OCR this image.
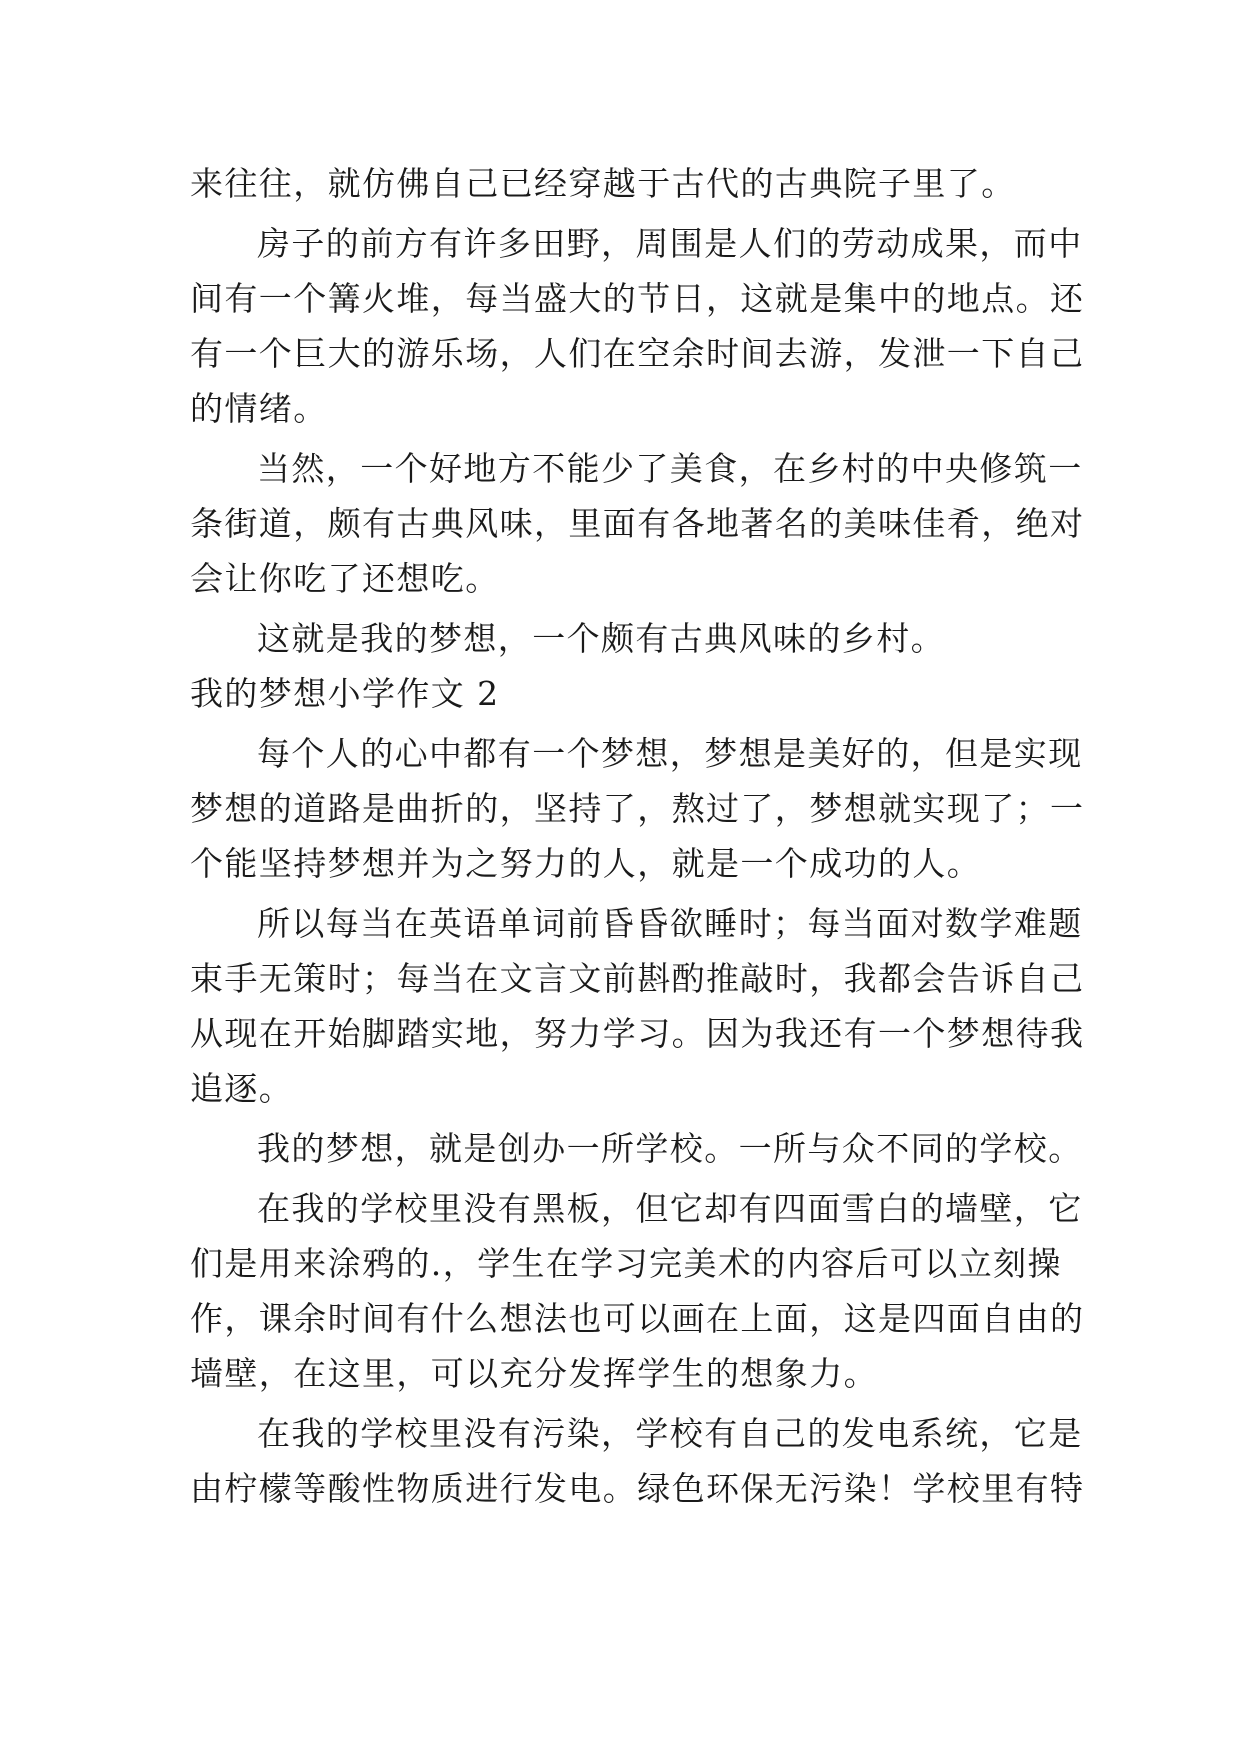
来往往，就仿佛自己已经穿越于古代的古典院子里了。
房子的前方有许多田野，周围是人们的劳动成果，而中
间有一个篝火堆，每当盛大的节日，这就是集中的地点。还
有一个巨大的游乐场，人们在空余时间去游，发泄一下自己
的情绪。
当然，一个好地方不能少了美食，在乡村的中央修筑一
条街道，颇有古典风味，里面有各地著名的美味佳肴，绝对
会让你吃了还想吃。
这就是我的梦想，一个颇有古典风味的乡村。
我的梦想小学作文 2
每个人的心中都有一个梦想，梦想是美好的，但是实现
梦想的道路是曲折的，坚持了，熬过了，梦想就实现了；一
个能坚持梦想并为之努力的人，就是一个成功的人。
所以每当在英语单词前昏昏欲睡时；每当面对数学难题
束手无策时；每当在文言文前斟酌推敲时，我都会告诉自己
从现在开始脚踏实地，努力学习。因为我还有一个梦想待我
追逐。
我的梦想，就是创办一所学校。一所与众不同的学校。
在我的学校里没有黑板，但它却有四面雪白的墙壁，它
们是用来涂鸦的.，学生在学习完美术的内容后可以立刻操
作，课余时间有什么想法也可以画在上面，这是四面自由的
墙壁，在这里，可以充分发挥学生的想象力。
在我的学校里没有污染，学校有自己的发电系统，它是
由柠檬等酸性物质进行发电。绿色环保无污染！学校里有特
